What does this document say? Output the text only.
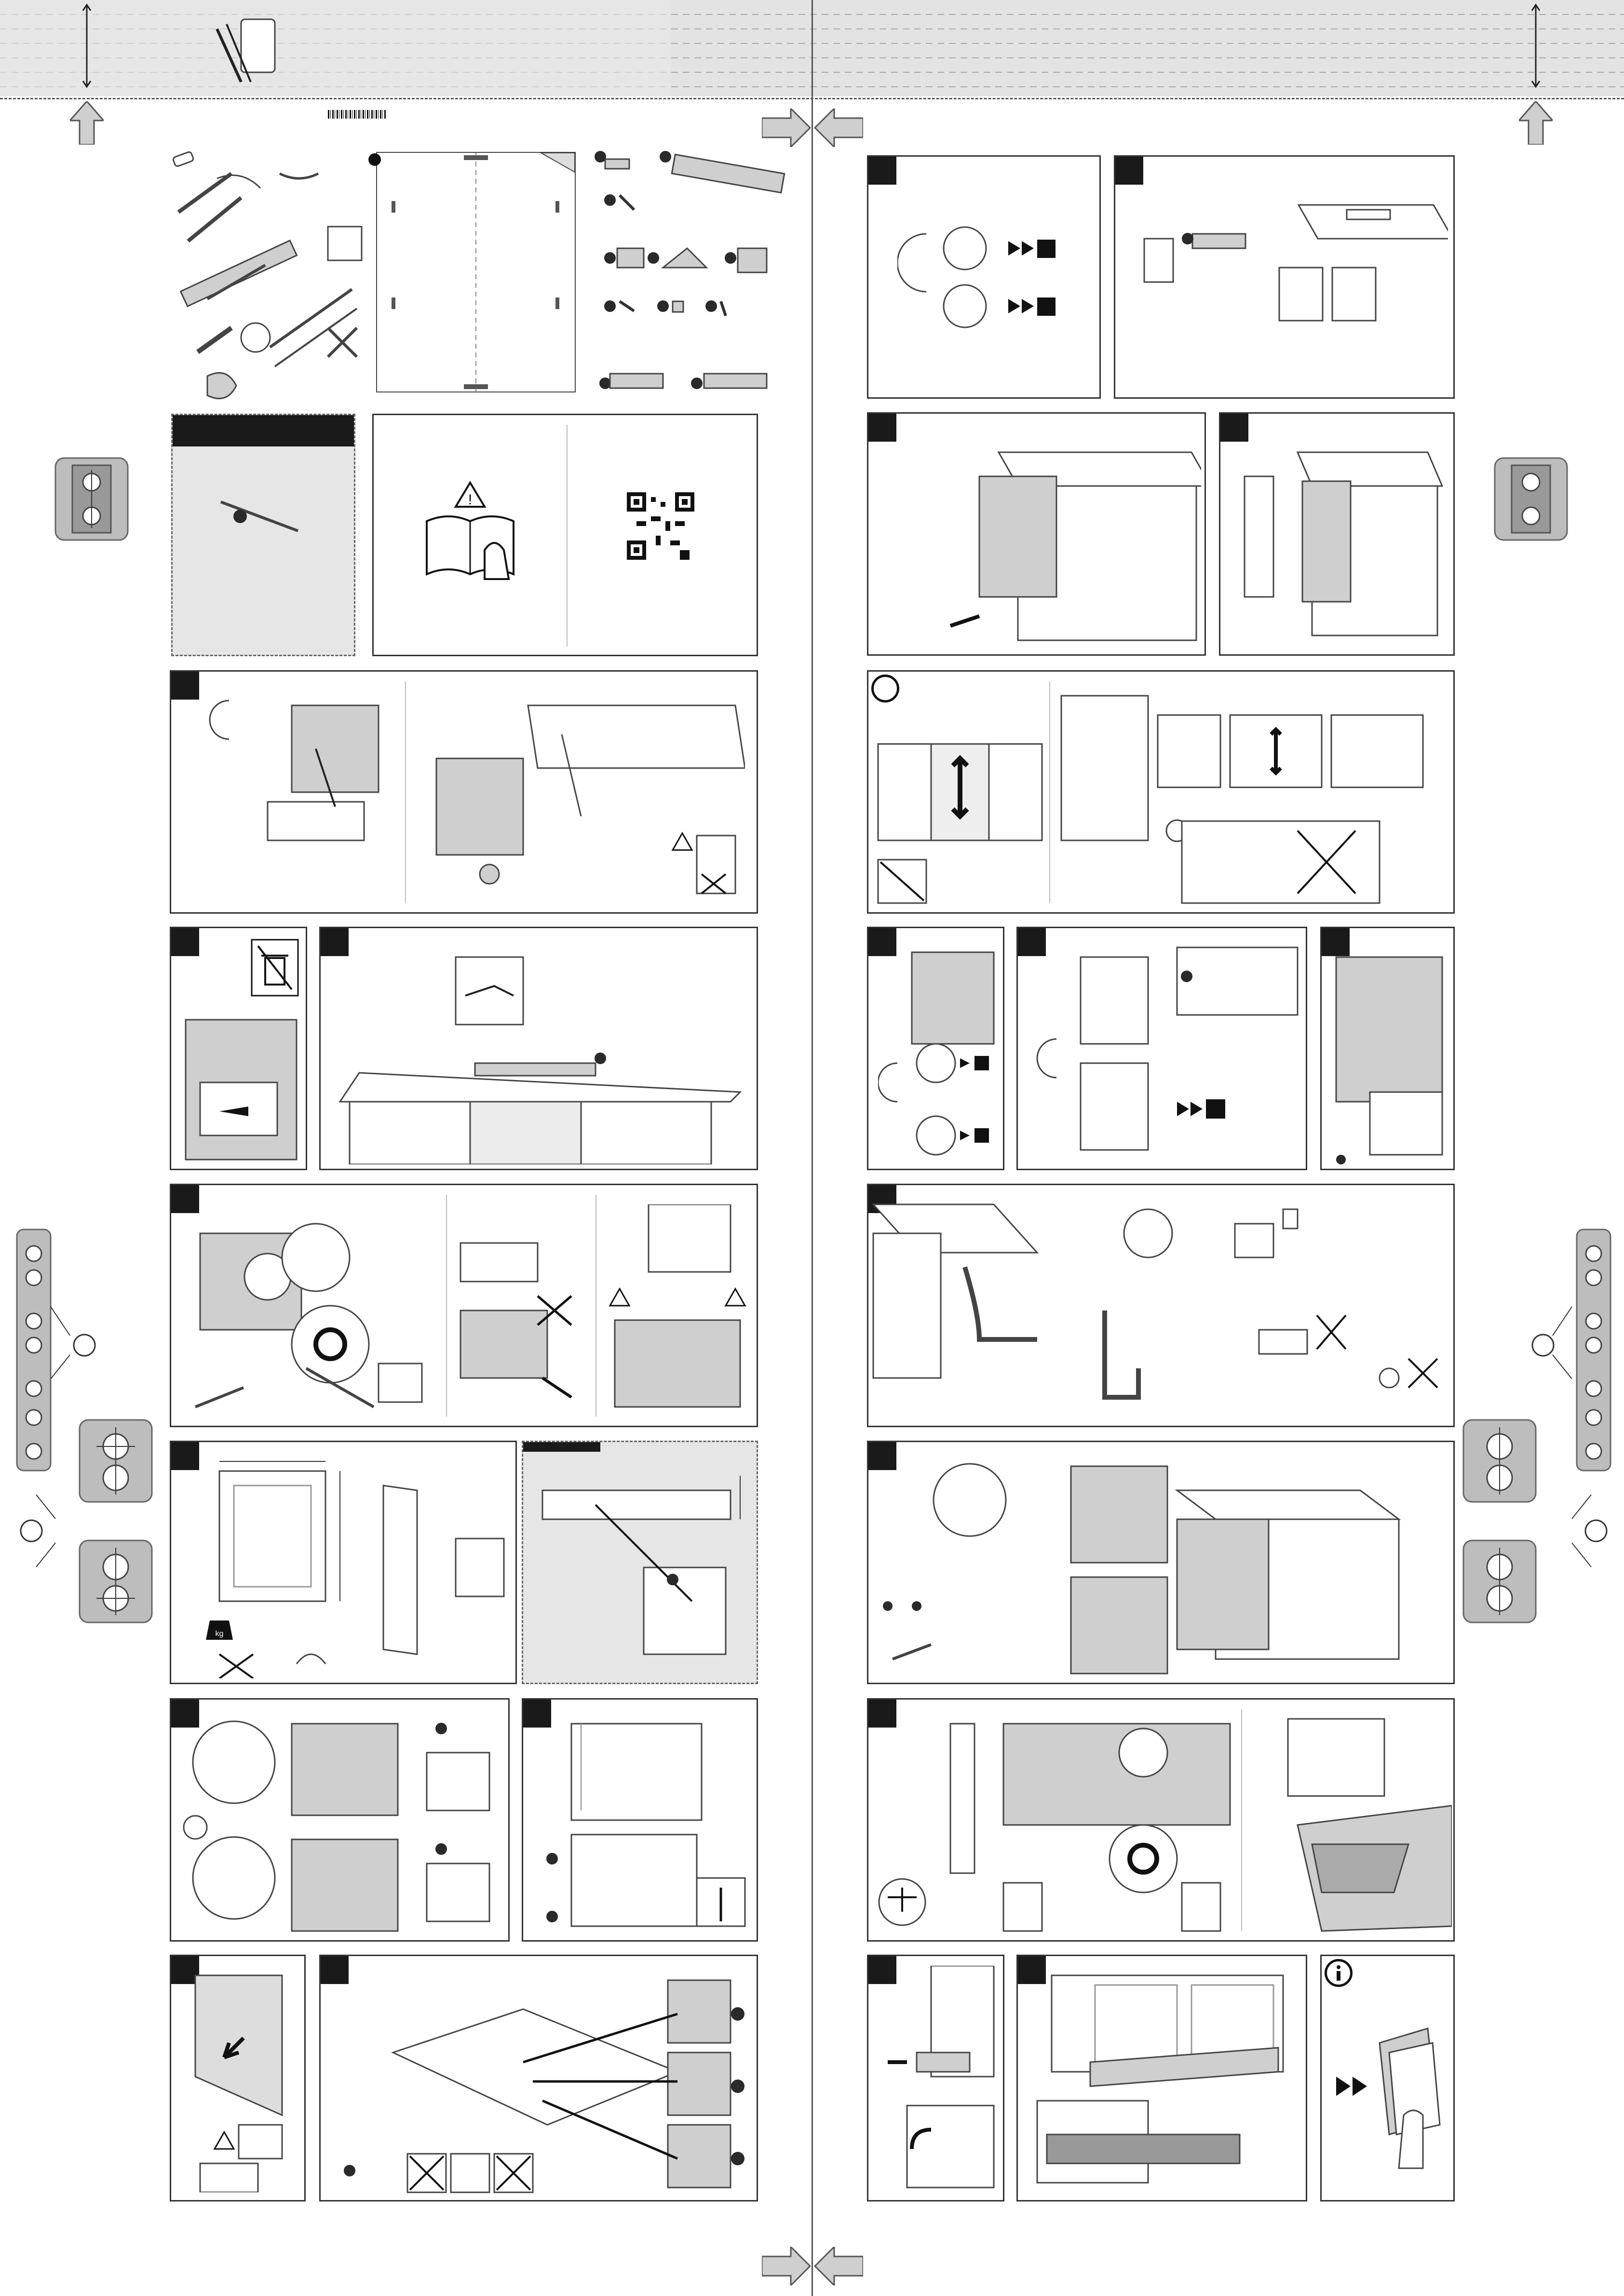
!
kg
